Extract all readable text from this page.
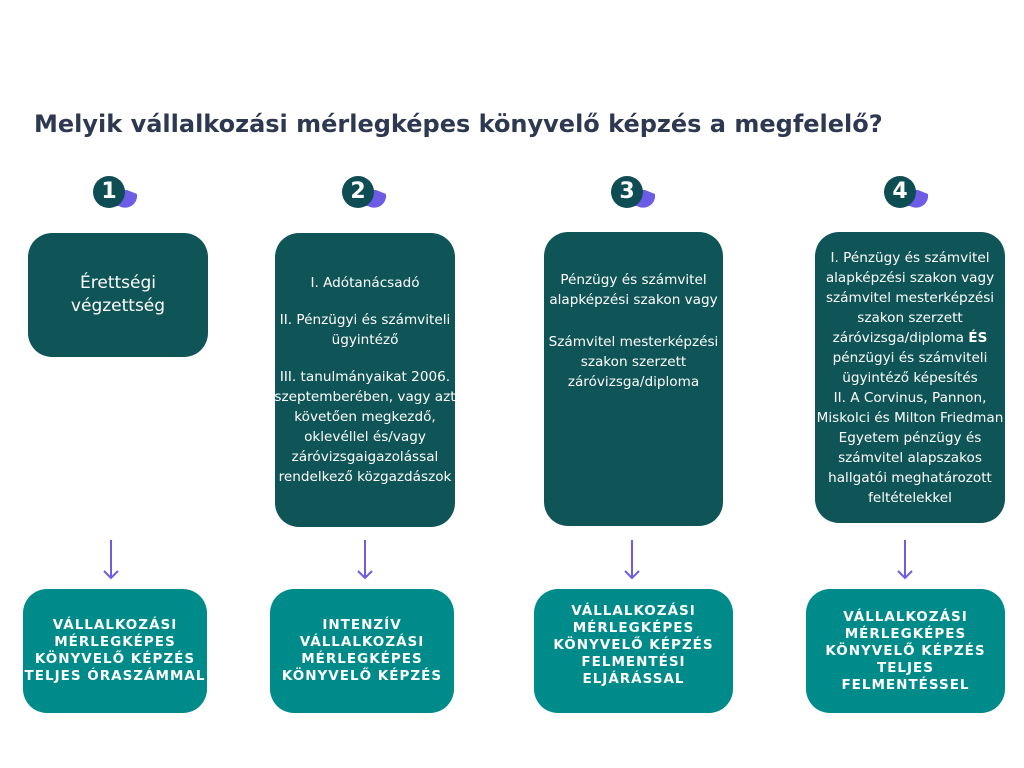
Melyik vállalkozási mérlegképes könyvelő képzés a megfelelő?
1
Érettségi
végzettség
VÁLLALKOZÁSI
MÉRLEGKÉPES
KÖNYVELŐ KÉPZÉS
TELJES ÓRASZÁMMAL
2
I. Adótanácsadó
II. Pénzügyi és számviteli
ügyintéző
III. tanulmányaikat 2006.
szeptemberében, vagy azt
követően megkezdő,
oklevéllel és/vagy
záróvizsgaigazolással
rendelkező közgazdászok
INTENZÍV
VÁLLALKOZÁSI
MÉRLEGKÉPES
KÖNYVELŐ KÉPZÉS
3
Pénzügy és számvitel
alapképzési szakon vagy
Számvitel mesterképzési
szakon szerzett
záróvizsga/diploma
VÁLLALKOZÁSI
MÉRLEGKÉPES
KÖNYVELŐ KÉPZÉS
FELMENTÉSI
ELJÁRÁSSAL
4
I. Pénzügy és számvitel
alapképzési szakon vagy
számvitel mesterképzési
szakon szerzett
záróvizsga/diploma ÉS
pénzügyi és számviteli
ügyintéző képesítés
II. A Corvinus, Pannon,
Miskolci és Milton Friedman
Egyetem pénzügy és
számvitel alapszakos
hallgatói meghatározott
feltételekkel
VÁLLALKOZÁSI
MÉRLEGKÉPES
KÖNYVELŐ KÉPZÉS
TELJES
FELMENTÉSSEL
